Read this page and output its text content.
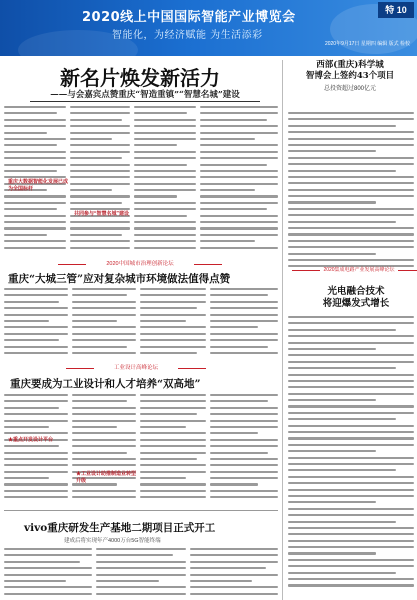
2020线上中国国际智能产业博览会
智能化，为经济赋能 为生活添彩
特 10
2020年9月17日 星期四 编辑 版式 检校
新名片焕发新活力
——与会嘉宾点赞重庆“智造重镇”“智慧名城”建设
西部(重庆)科学城
智博会上签约43个项目
总投资超过800亿元
重庆大数据智能化发展已成为全国标杆
共同参与“智慧名城”建设
2020中国城市治理创新论坛
重庆“大城三管”应对复杂城市环境做法值得点赞
工业设计高峰论坛
重庆要成为工业设计和人才培养“双高地”
★重点开发设计平台
★工业设计助推制造业转型升级
vivo重庆研发生产基地二期项目正式开工
建成后将实现年产4000万台5G智能终端
2020集成电路产业发展高峰论坛
光电融合技术
将迎爆发式增长
